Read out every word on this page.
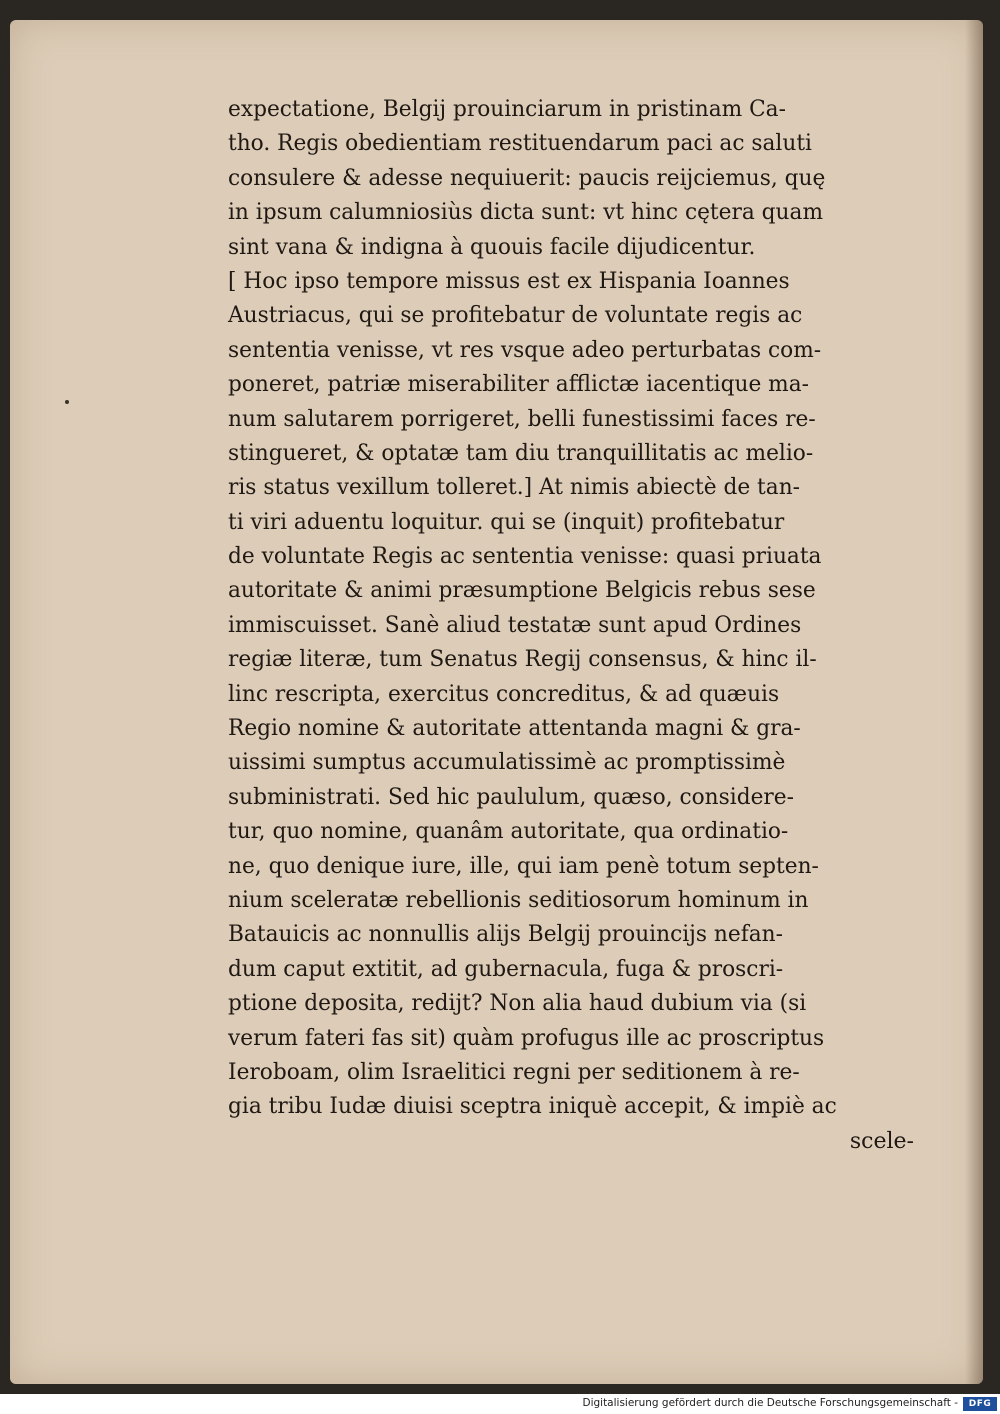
expectatione, Belgij prouinciarum in pristinam Ca-
tho. Regis obedientiam restituendarum paci ac saluti
consulere & adesse nequiuerit: paucis reijciemus, quę
in ipsum calumniosiùs dicta sunt: vt hinc cętera quam
sint vana & indigna à quouis facile dijudicentur.
[ Hoc ipso tempore missus est ex Hispania Ioannes
Austriacus, qui se profitebatur de voluntate regis ac
sententia venisse, vt res vsque adeo perturbatas com-
poneret, patriæ miserabiliter afflictæ iacentique ma-
num salutarem porrigeret, belli funestissimi faces re-
stingueret, & optatæ tam diu tranquillitatis ac melio-
ris status vexillum tolleret.] At nimis abiectè de tan-
ti viri aduentu loquitur. qui se (inquit) profitebatur
de voluntate Regis ac sententia venisse: quasi priuata
autoritate & animi præsumptione Belgicis rebus sese
immiscuisset. Sanè aliud testatæ sunt apud Ordines
regiæ literæ, tum Senatus Regij consensus, & hinc il-
linc rescripta, exercitus concreditus, & ad quæuis
Regio nomine & autoritate attentanda magni & gra-
uissimi sumptus accumulatissimè ac promptissimè
subministrati. Sed hic paululum, quæso, considere-
tur, quo nomine, quanâm autoritate, qua ordinatio-
ne, quo denique iure, ille, qui iam penè totum septen-
nium sceleratæ rebellionis seditiosorum hominum in
Batauicis ac nonnullis alijs Belgij prouincijs nefan-
dum caput extitit, ad gubernacula, fuga & proscri-
ptione deposita, redijt? Non alia haud dubium via (si
verum fateri fas sit) quàm profugus ille ac proscriptus
Ieroboam, olim Israelitici regni per seditionem à re-
gia tribu Iudæ diuisi sceptra iniquè accepit, & impiè ac
scele-
Digitalisierung gefördert durch die Deutsche Forschungsgemeinschaft -	DFG
